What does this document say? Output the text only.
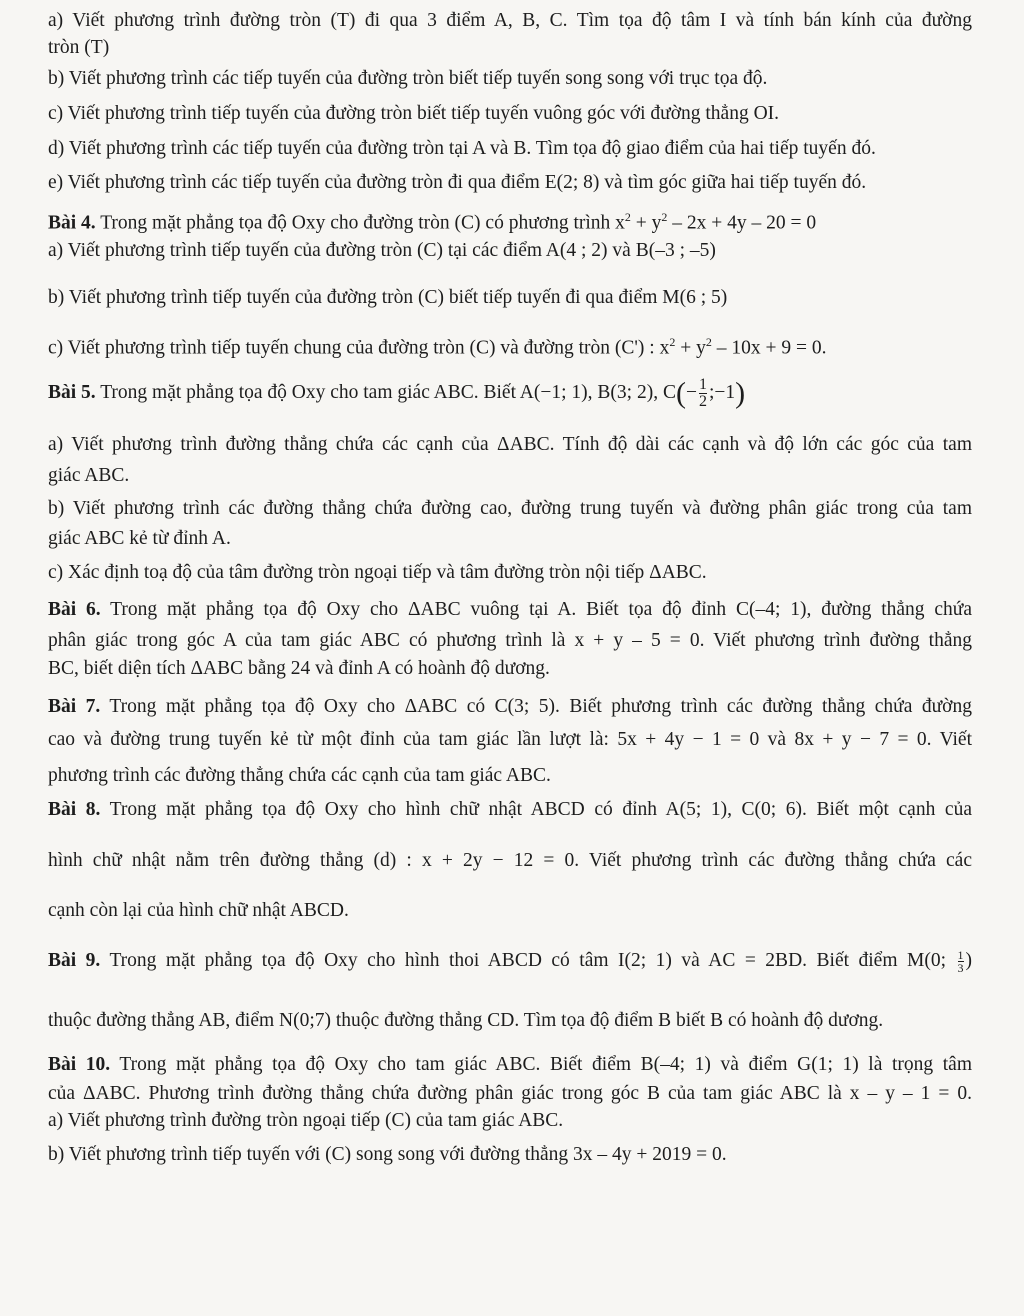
a) Viết phương trình đường tròn (T) đi qua 3 điểm A, B, C. Tìm tọa độ tâm I và tính bán kính của đường
tròn (T)
b) Viết phương trình các tiếp tuyến của đường tròn biết tiếp tuyến song song với trục tọa độ.
c) Viết phương trình tiếp tuyến của đường tròn biết tiếp tuyến vuông góc với đường thẳng OI.
d) Viết phương trình các tiếp tuyến của đường tròn tại A và B. Tìm tọa độ giao điểm của hai tiếp tuyến đó.
e) Viết phương trình các tiếp tuyến của đường tròn đi qua điểm E(2; 8) và tìm góc giữa hai tiếp tuyến đó.
Bài 4. Trong mặt phẳng tọa độ Oxy cho đường tròn (C) có phương trình $x^2 + y^2 - 2x + 4y - 20 = 0$
a) Viết phương trình tiếp tuyến của đường tròn (C) tại các điểm A(4 ; 2) và B(–3 ; –5)
b) Viết phương trình tiếp tuyến của đường tròn (C) biết tiếp tuyến đi qua điểm M(6 ; 5)
c) Viết phương trình tiếp tuyến chung của đường tròn (C) và đường tròn (C') : $x^2 + y^2 - 10x + 9 = 0$.
Bài 5. Trong mặt phẳng tọa độ Oxy cho tam giác ABC. Biết A(−1; 1), B(3; 2), $C(- \frac{1}{2}$ ;−1)
a) Viết phương trình đường thẳng chứa các cạnh của ΔABC. Tính độ dài các cạnh và độ lớn các góc của tam
giác ABC.
b) Viết phương trình các đường thẳng chứa đường cao, đường trung tuyến và đường phân giác trong của tam
giác ABC kẻ từ đỉnh A.
c) Xác định toạ độ của tâm đường tròn ngoại tiếp và tâm đường tròn nội tiếp ΔABC.
Bài 6. Trong mặt phẳng tọa độ Oxy cho ΔABC vuông tại A. Biết tọa độ đỉnh C(–4; 1), đường thẳng chứa
phân giác trong góc A của tam giác ABC có phương trình là x + y – 5 = 0. Viết phương trình đường thẳng
BC, biết diện tích ΔABC bằng 24 và đỉnh A có hoành độ dương.
Bài 7. Trong mặt phẳng tọa độ Oxy cho ΔABC có C(3; 5). Biết phương trình các đường thẳng chứa đường
cao và đường trung tuyến kẻ từ một đỉnh của tam giác lần lượt là: 5x + 4y − 1 = 0 và 8x + y − 7 = 0. Viết
phương trình các đường thẳng chứa các cạnh của tam giác ABC.
Bài 8. Trong mặt phẳng tọa độ Oxy cho hình chữ nhật ABCD có đỉnh A(5; 1), C(0; 6). Biết một cạnh của
hình chữ nhật nằm trên đường thẳng (d) : x + 2y − 12 = 0. Viết phương trình các đường thẳng chứa các
cạnh còn lại của hình chữ nhật ABCD.
Bài 9. Trong mặt phẳng tọa độ Oxy cho hình thoi ABCD có tâm I(2; 1) và AC = 2BD. Biết điểm M(0; $\frac{1}{3}$ )
thuộc đường thẳng AB, điểm N(0;7) thuộc đường thẳng CD. Tìm tọa độ điểm B biết B có hoành độ dương.
Bài 10. Trong mặt phẳng tọa độ Oxy cho tam giác ABC. Biết điểm B(–4; 1) và điểm G(1; 1) là trọng tâm
của ΔABC. Phương trình đường thẳng chứa đường phân giác trong góc B của tam giác ABC là x – y – 1 = 0.
a) Viết phương trình đường tròn ngoại tiếp (C) của tam giác ABC.
b) Viết phương trình tiếp tuyến với (C) song song với đường thẳng 3x – 4y + 2019 = 0.
